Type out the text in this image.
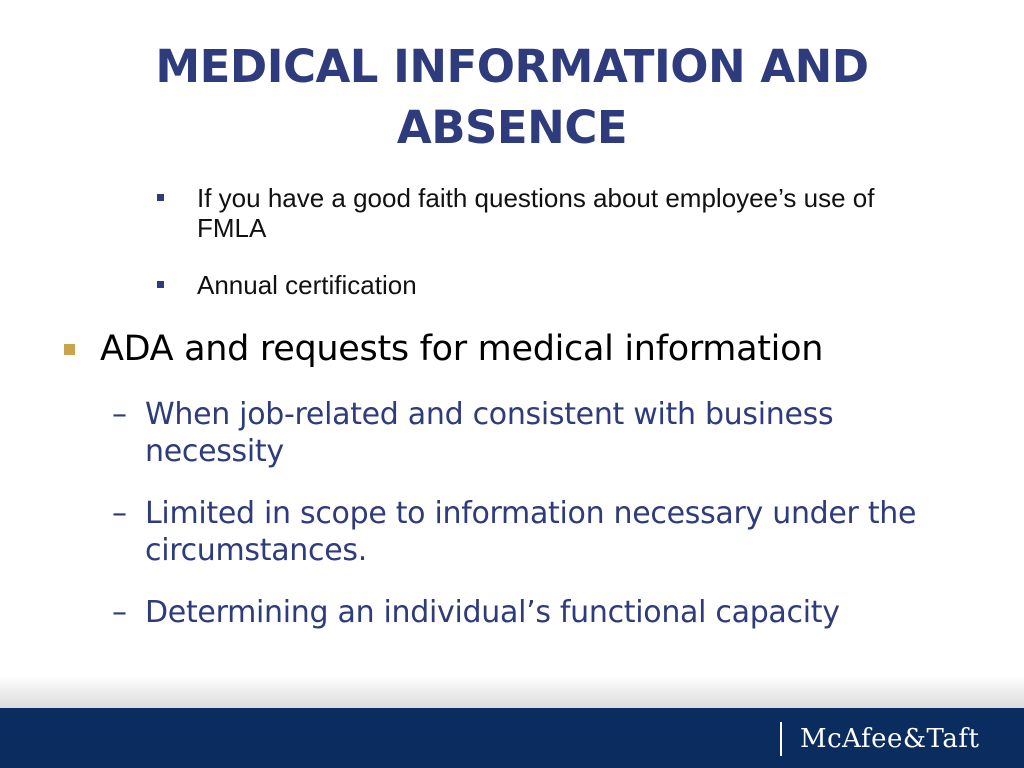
MEDICAL INFORMATION AND
ABSENCE
If you have a good faith questions about employee’s use of
FMLA
Annual certification
ADA and requests for medical information
– When job-related and consistent with business
necessity
– Limited in scope to information necessary under the
circumstances.
– Determining an individual’s functional capacity
McAfee&Taft
